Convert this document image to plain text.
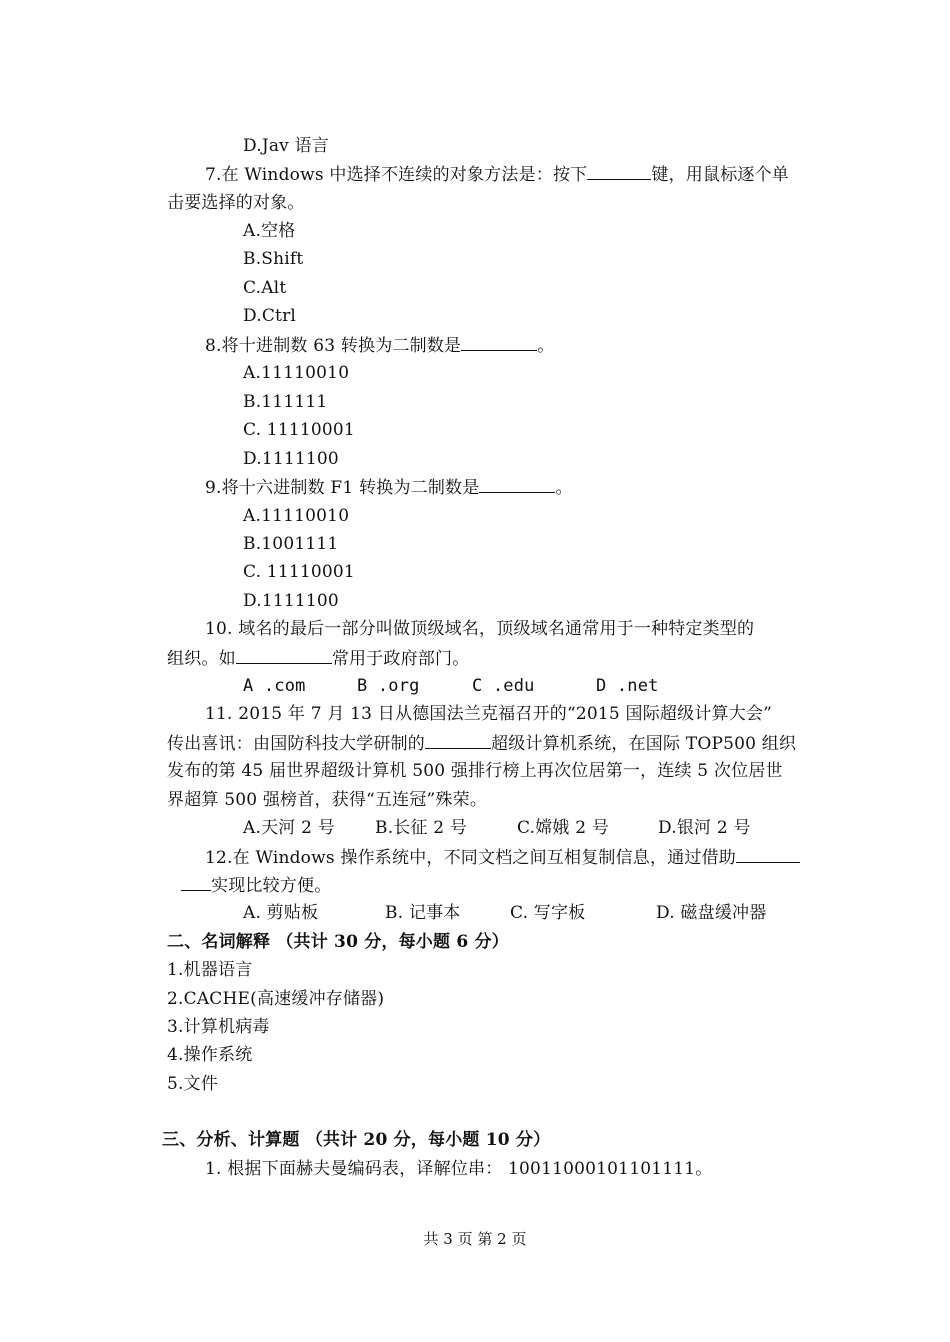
D.Jav 语言
7.在 Windows 中选择不连续的对象方法是：按下	键，用鼠标逐个单
击要选择的对象。
A.空格
B.Shift
C.Alt
D.Ctrl
8.将十进制数 63 转换为二制数是	。
A.11110010
B.111111
C. 11110001
D.1111100
9.将十六进制数 F1 转换为二制数是	。
A.11110010
B.1001111
C. 11110001
D.1111100
10. 域名的最后一部分叫做顶级域名，顶级域名通常用于一种特定类型的
组织。如	常用于政府部门。
A .com	B .org	C .edu	D .net
11. 2015 年 7 月 13 日从德国法兰克福召开的“2015 国际超级计算大会”
传出喜讯：由国防科技大学研制的	超级计算机系统，在国际 TOP500 组织
发布的第 45 届世界超级计算机 500 强排行榜上再次位居第一，连续 5 次位居世
界超算 500 强榜首，获得“五连冠”殊荣。
A.天河 2 号 B.长征 2 号	C.嫦娥 2 号	D.银河 2 号
12.在 Windows 操作系统中，不同文档之间互相复制信息，通过借助
实现比较方便。
A. 剪贴板	B. 记事本	C. 写字板	D. 磁盘缓冲器
二、名词解释 （共计 30 分，每小题 6 分）
1.机器语言
2.CACHE(高速缓冲存储器)
3.计算机病毒
4.操作系统
5.文件
三、分析、计算题 （共计 20 分，每小题 10 分）
1. 根据下面赫夫曼编码表，译解位串： 10011000101101111。
共 3 页 第 2 页
